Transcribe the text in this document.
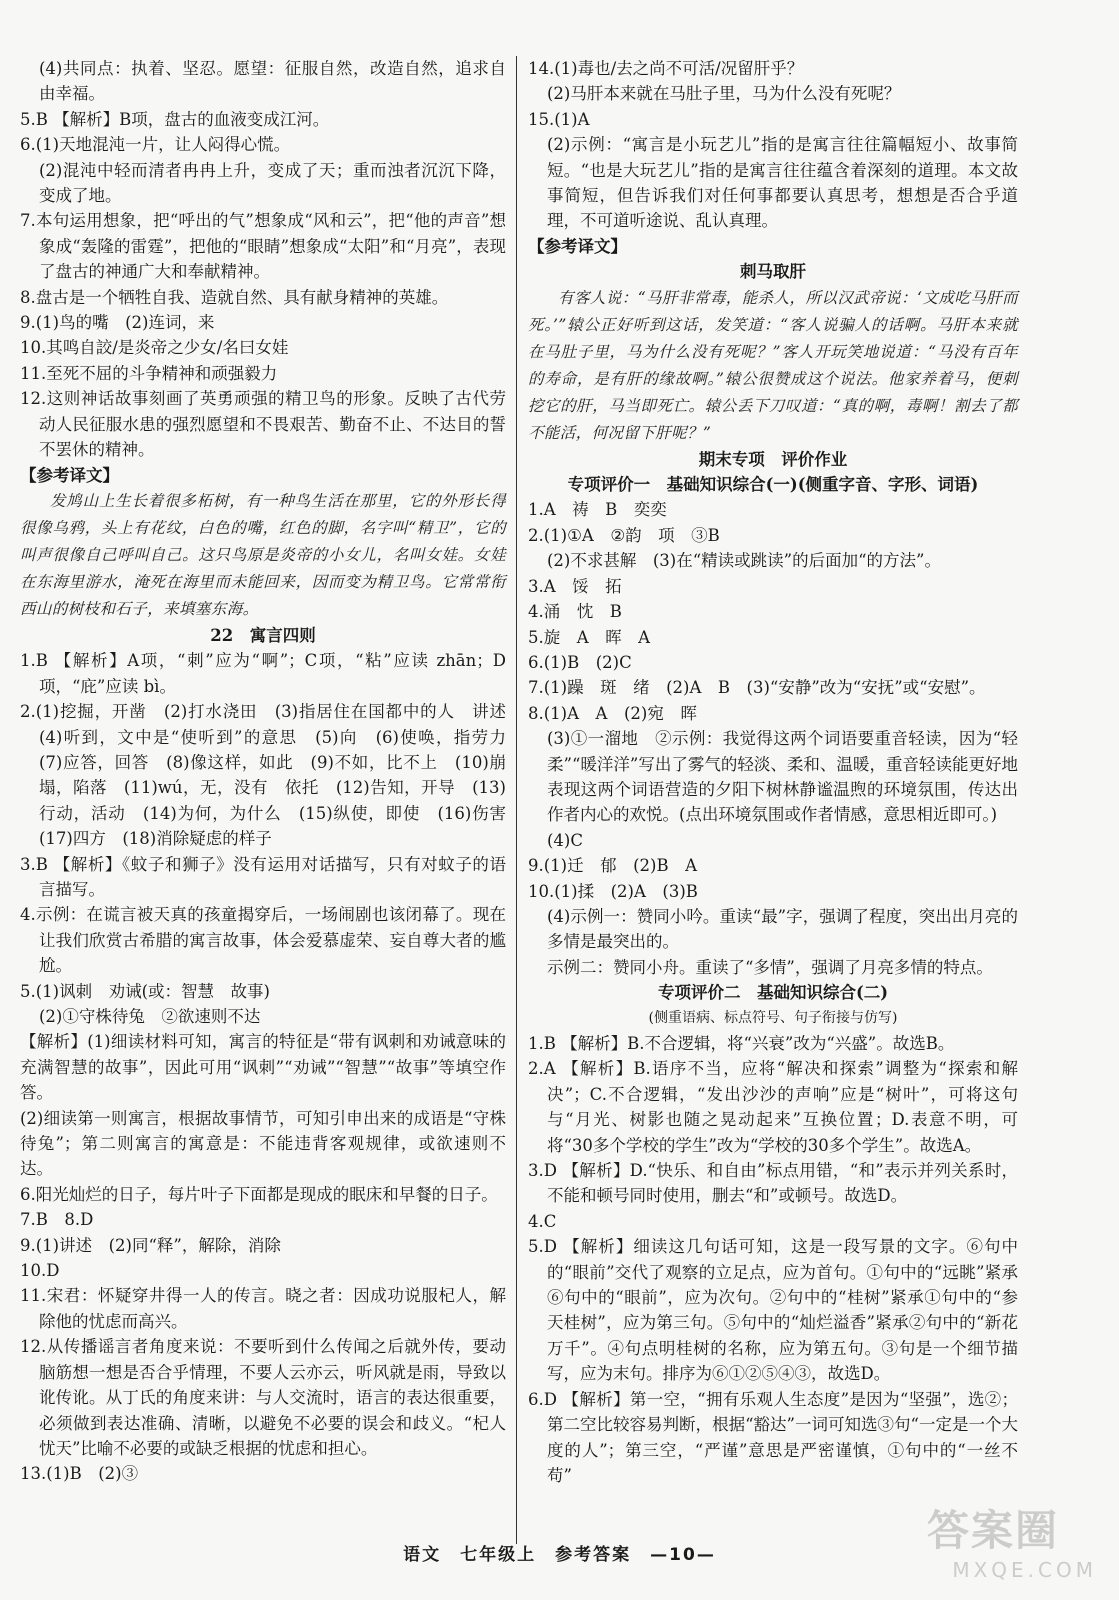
(4)共同点：执着、坚忍。愿望：征服自然，改造自然，追求自由幸福。
5.B 【解析】B项，盘古的血液变成江河。
6.(1)天地混沌一片，让人闷得心慌。
(2)混沌中轻而清者冉冉上升，变成了天；重而浊者沉沉下降，变成了地。
7.本句运用想象，把“呼出的气”想象成“风和云”，把“他的声音”想象成“轰隆的雷霆”，把他的“眼睛”想象成“太阳”和“月亮”，表现了盘古的神通广大和奉献精神。
8.盘古是一个牺牲自我、造就自然、具有献身精神的英雄。
9.(1)鸟的嘴　(2)连词，来
10.其鸣自詨/是炎帝之少女/名曰女娃
11.至死不屈的斗争精神和顽强毅力
12.这则神话故事刻画了英勇顽强的精卫鸟的形象。反映了古代劳动人民征服水患的强烈愿望和不畏艰苦、勤奋不止、不达目的誓不罢休的精神。
【参考译文】
发鸠山上生长着很多柘树，有一种鸟生活在那里，它的外形长得很像乌鸦，头上有花纹，白色的嘴，红色的脚，名字叫“精卫”，它的叫声很像自己呼叫自己。这只鸟原是炎帝的小女儿，名叫女娃。女娃在东海里游水，淹死在海里而未能回来，因而变为精卫鸟。它常常衔西山的树枝和石子，来填塞东海。
22　寓言四则
1.B 【解析】A项，“刺”应为“啊”；C项，“粘”应读 zhān；D项，“庇”应读 bì。
2.(1)挖掘，开凿　(2)打水浇田　(3)指居住在国都中的人　讲述　(4)听到，文中是“使听到”的意思　(5)向　(6)使唤，指劳力　(7)应答，回答　(8)像这样，如此　(9)不如，比不上　(10)崩塌，陷落　(11)wú，无，没有　依托　(12)告知，开导　(13)行动，活动　(14)为何，为什么　(15)纵使，即使　(16)伤害　(17)四方　(18)消除疑虑的样子
3.B 【解析】《蚊子和狮子》没有运用对话描写，只有对蚊子的语言描写。
4.示例：在谎言被天真的孩童揭穿后，一场闹剧也该闭幕了。现在让我们欣赏古希腊的寓言故事，体会爱慕虚荣、妄自尊大者的尴尬。
5.(1)讽刺　劝诫(或：智慧　故事)
(2)①守株待兔　②欲速则不达
【解析】(1)细读材料可知，寓言的特征是“带有讽刺和劝诫意味的充满智慧的故事”，因此可用“讽刺”“劝诫”“智慧”“故事”等填空作答。
(2)细读第一则寓言，根据故事情节，可知引申出来的成语是“守株待兔”；第二则寓言的寓意是：不能违背客观规律，或欲速则不达。
6.阳光灿烂的日子，每片叶子下面都是现成的眠床和早餐的日子。
7.B　8.D
9.(1)讲述　(2)同“释”，解除，消除
10.D
11.宋君：怀疑穿井得一人的传言。晓之者：因成功说服杞人，解除他的忧虑而高兴。
12.从传播谣言者角度来说：不要听到什么传闻之后就外传，要动脑筋想一想是否合乎情理，不要人云亦云，听风就是雨，导致以讹传讹。从丁氏的角度来讲：与人交流时，语言的表达很重要，必须做到表达准确、清晰，以避免不必要的误会和歧义。“杞人忧天”比喻不必要的或缺乏根据的忧虑和担心。
13.(1)B　(2)③
14.(1)毒也/去之尚不可活/况留肝乎？
(2)马肝本来就在马肚子里，马为什么没有死呢？
15.(1)A
(2)示例：“寓言是小玩艺儿”指的是寓言往往篇幅短小、故事简短。“也是大玩艺儿”指的是寓言往往蕴含着深刻的道理。本文故事简短，但告诉我们对任何事都要认真思考，想想是否合乎道理，不可道听途说、乱认真理。
【参考译文】
刺马取肝
有客人说：“马肝非常毒，能杀人，所以汉武帝说：‘文成吃马肝而死。’”辕公正好听到这话，发笑道：“客人说骗人的话啊。马肝本来就在马肚子里，马为什么没有死呢？”客人开玩笑地说道：“马没有百年的寿命，是有肝的缘故啊。”辕公很赞成这个说法。他家养着马，便刺挖它的肝，马当即死亡。辕公丢下刀叹道：“真的啊，毒啊！割去了都不能活，何况留下肝呢？”
期末专项　评价作业
专项评价一　基础知识综合(一)(侧重字音、字形、词语)
1.A　祷　B　奕奕
2.(1)①A　②韵　项　③B
(2)不求甚解　(3)在“精读或跳读”的后面加“的方法”。
3.A　馁　拓
4.涌　忱　B
5.旋　A　晖　A
6.(1)B　(2)C
7.(1)躁　斑　绪　(2)A　B　(3)“安静”改为“安抚”或“安慰”。
8.(1)A　A　(2)宛　晖
(3)①一溜地　②示例：我觉得这两个词语要重音轻读，因为“轻柔”“暖洋洋”写出了雾气的轻淡、柔和、温暖，重音轻读能更好地表现这两个词语营造的夕阳下树林静谧温煦的环境氛围，传达出作者内心的欢悦。(点出环境氛围或作者情感，意思相近即可。)
(4)C
9.(1)迁　郁　(2)B　A
10.(1)揉　(2)A　(3)B
(4)示例一：赞同小吟。重读“最”字，强调了程度，突出出月亮的多情是最突出的。
示例二：赞同小舟。重读了“多情”，强调了月亮多情的特点。
专项评价二　基础知识综合(二)
(侧重语病、标点符号、句子衔接与仿写)
1.B 【解析】B.不合逻辑，将“兴衰”改为“兴盛”。故选B。
2.A 【解析】B.语序不当，应将“解决和探索”调整为“探索和解决”；C.不合逻辑，“发出沙沙的声响”应是“树叶”，可将这句与“月光、树影也随之晃动起来”互换位置；D.表意不明，可将“30多个学校的学生”改为“学校的30多个学生”。故选A。
3.D 【解析】D.“快乐、和自由”标点用错，“和”表示并列关系时，不能和顿号同时使用，删去“和”或顿号。故选D。
4.C
5.D 【解析】细读这几句话可知，这是一段写景的文字。⑥句中的“眼前”交代了观察的立足点，应为首句。①句中的“远眺”紧承⑥句中的“眼前”，应为次句。②句中的“桂树”紧承①句中的“参天桂树”，应为第三句。⑤句中的“灿烂溢香”紧承②句中的“新花万千”。④句点明桂树的名称，应为第五句。③句是一个细节描写，应为末句。排序为⑥①②⑤④③，故选D。
6.D 【解析】第一空，“拥有乐观人生态度”是因为“坚强”，选②；第二空比较容易判断，根据“豁达”一词可知选③句“一定是一个大度的人”；第三空，“严谨”意思是严密谨慎，①句中的“一丝不苟”
语文　七年级上　参考答案　—10—	答案圈
MXQE.COM
